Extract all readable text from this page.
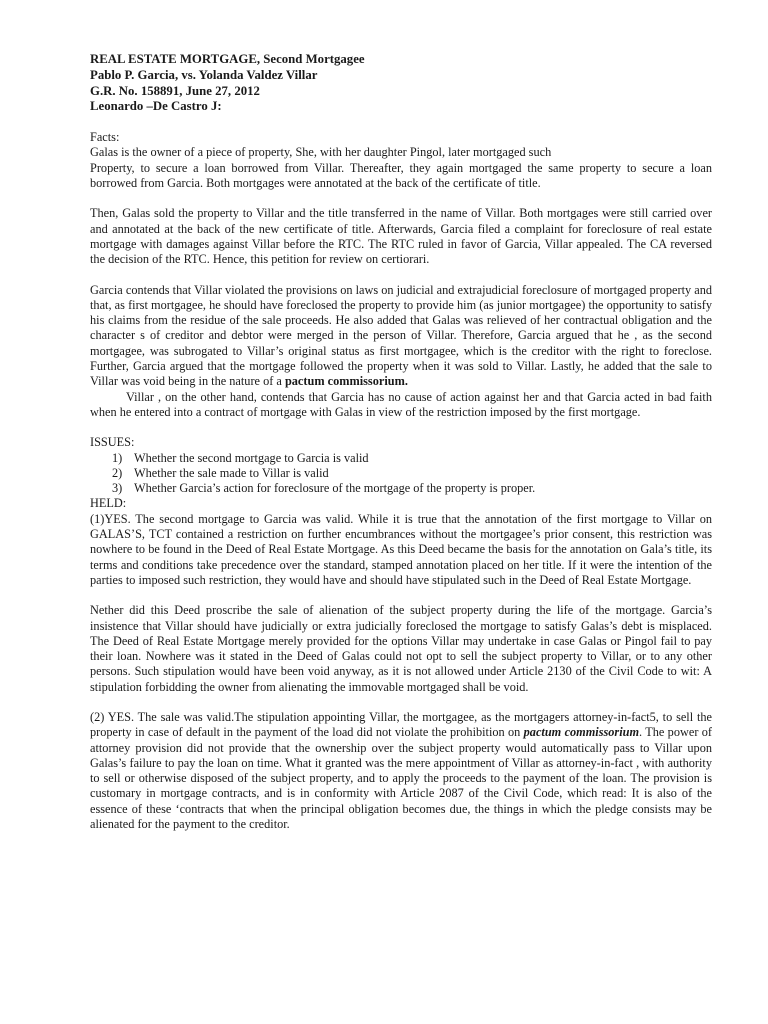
REAL ESTATE MORTGAGE, Second Mortgagee
Pablo P. Garcia, vs. Yolanda Valdez Villar
G.R. No. 158891, June 27, 2012
Leonardo –De Castro J:
Facts:
Galas is the owner of a piece of property, She, with her daughter Pingol, later mortgaged such

Property, to secure a loan borrowed from Villar. Thereafter, they again mortgaged the same property to secure a loan borrowed from Garcia. Both mortgages were annotated at the back of the certificate of title.

Then, Galas sold the property to Villar and the title transferred in the name of Villar. Both mortgages were still carried over and annotated at the back of the new certificate of title. Afterwards, Garcia filed a complaint for foreclosure of real estate mortgage with damages against Villar before the RTC. The RTC ruled in favor of Garcia, Villar appealed. The CA reversed the decision of the RTC. Hence, this petition for review on certiorari.

Garcia contends that Villar violated the provisions on laws on judicial and extrajudicial foreclosure of mortgaged property and that, as first mortgagee, he should have foreclosed the property to provide him (as junior mortgagee) the opportunity to satisfy his claims from the residue of the sale proceeds. He also added that Galas was relieved of her contractual obligation and the character s of creditor and debtor were merged in the person of Villar. Therefore, Garcia argued that he , as the second mortgagee, was subrogated to Villar’s original status as first mortgagee, which is the creditor with the right to foreclose. Further, Garcia argued that the mortgage followed the property when it was sold to Villar. Lastly, he added that the sale to Villar was void being in the nature of a pactum commissorium.

Villar , on the other hand, contends that Garcia has no cause of action against her and that Garcia acted in bad faith when he entered into a contract of mortgage with Galas in view of the restriction imposed by the first mortgage.

ISSUES:
1) Whether the second mortgage to Garcia is valid
2) Whether the sale made to Villar is valid
3) Whether Garcia’s action for foreclosure of the mortgage of the property is proper.
HELD:

(1)YES. The second mortgage to Garcia was valid. While it is true that the annotation of the first mortgage to Villar on GALAS’S, TCT contained a restriction on further encumbrances without the mortgagee’s prior consent, this restriction was nowhere to be found in the Deed of Real Estate Mortgage. As this Deed became the basis for the annotation on Gala’s title, its terms and conditions take precedence over the standard, stamped annotation placed on her title. If it were the intention of the parties to imposed such restriction, they would have and should have stipulated such in the Deed of Real Estate Mortgage.

Nether did this Deed proscribe the sale of alienation of the subject property during the life of the mortgage. Garcia’s insistence that Villar should have judicially or extra judicially foreclosed the mortgage to satisfy Galas’s debt is misplaced. The Deed of Real Estate Mortgage merely provided for the options Villar may undertake in case Galas or Pingol fail to pay their loan. Nowhere was it stated in the Deed of Galas could not opt to sell the subject property to Villar, or to any other persons. Such stipulation would have been void anyway, as it is not allowed under Article 2130 of the Civil Code to wit: A stipulation forbidding the owner from alienating the immovable mortgaged shall be void.

(2) YES. The sale was valid.The stipulation appointing Villar, the mortgagee, as the mortgagers attorney-in-fact5, to sell the property in case of default in the payment of the load did not violate the prohibition on pactum commissorium. The power of attorney provision did not provide that the ownership over the subject property would automatically pass to Villar upon Galas’s failure to pay the loan on time. What it granted was the mere appointment of Villar as attorney-in-fact , with authority to sell or otherwise disposed of the subject property, and to apply the proceeds to the payment of the loan. The provision is customary in mortgage contracts, and is in conformity with Article 2087 of the Civil Code, which read: It is also of the essence of these ‘contracts that when the principal obligation becomes due, the things in which the pledge consists may be alienated for the payment to the creditor.
